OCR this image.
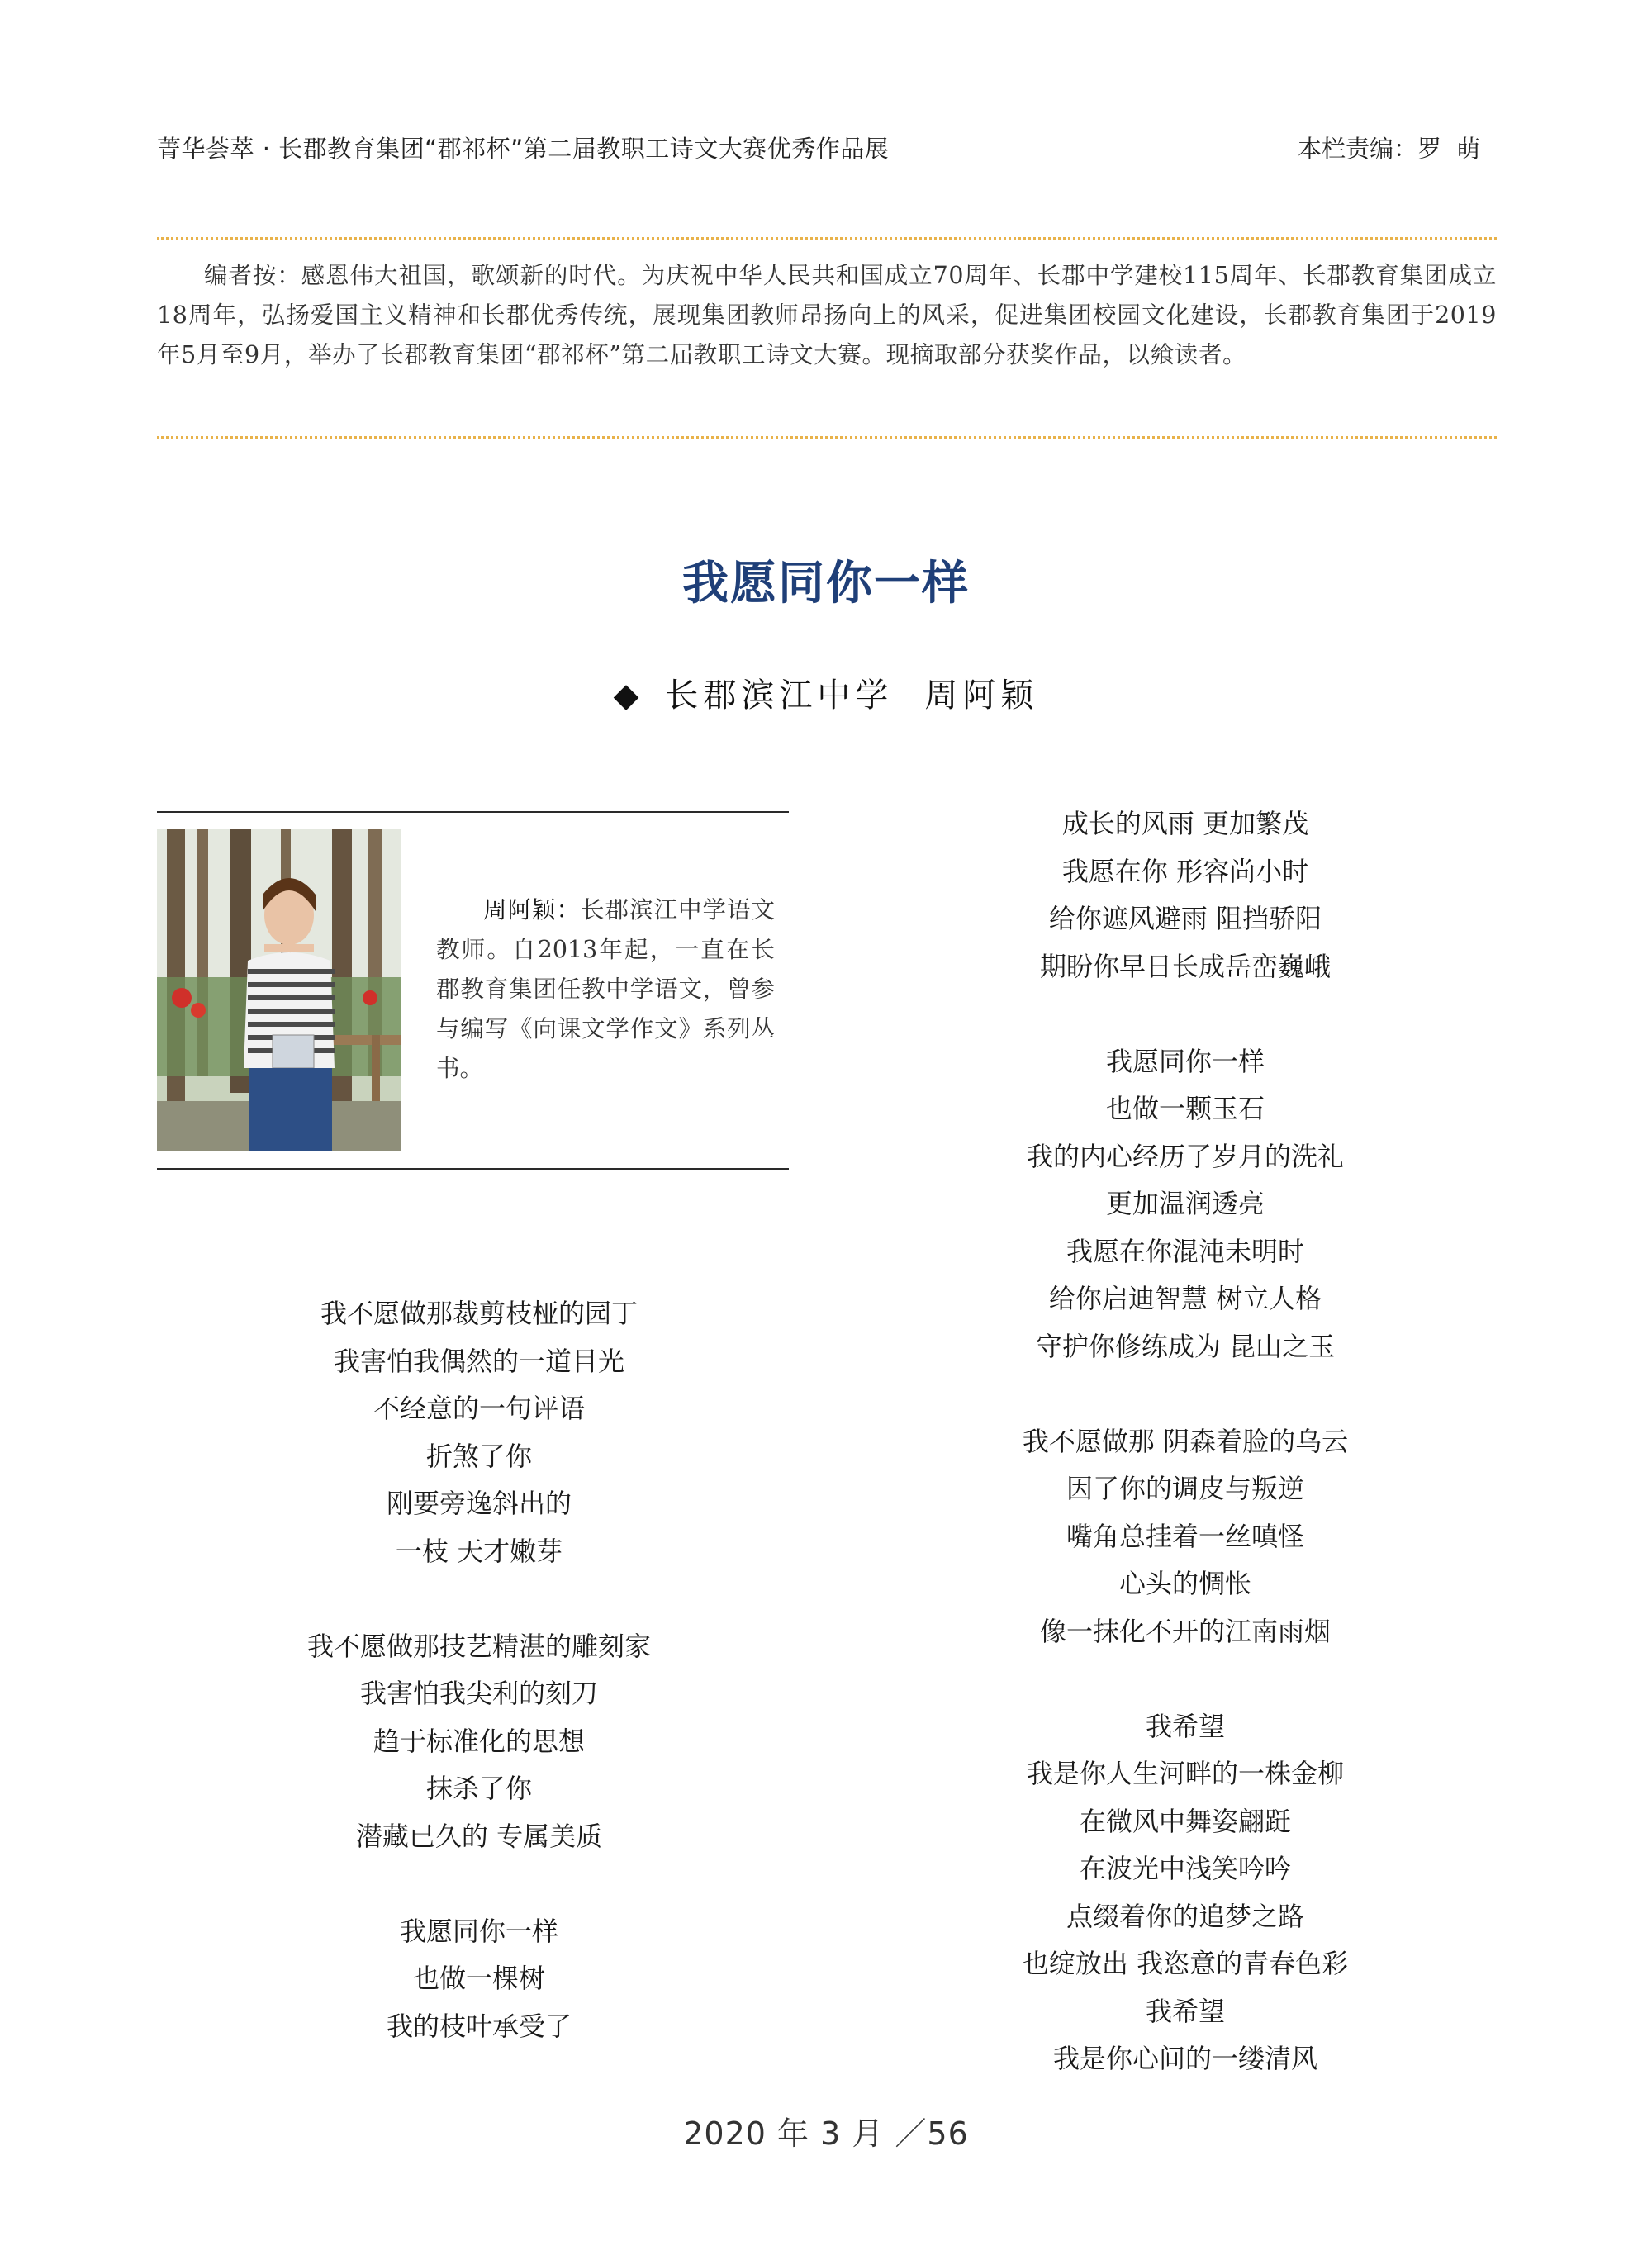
菁华荟萃 · 长郡教育集团“郡祁杯”第二届教职工诗文大赛优秀作品展	本栏责编：罗萌
编者按：感恩伟大祖国，歌颂新的时代。为庆祝中华人民共和国成立70周年、长郡中学建校115周年、长郡教育集团成立18周年，弘扬爱国主义精神和长郡优秀传统，展现集团教师昂扬向上的风采，促进集团校园文化建设，长郡教育集团于2019年5月至9月，举办了长郡教育集团“郡祁杯”第二届教职工诗文大赛。现摘取部分获奖作品，以飨读者。
我愿同你一样
◆ 长郡滨江中学 周阿颖
周阿颖：长郡滨江中学语文教师。自2013年起，一直在长郡教育集团任教中学语文，曾参与编写《向课文学作文》系列丛书。
我不愿做那裁剪枝桠的园丁
我害怕我偶然的一道目光
不经意的一句评语
折煞了你
刚要旁逸斜出的
一枝 天才嫩芽
我不愿做那技艺精湛的雕刻家
我害怕我尖利的刻刀
趋于标准化的思想
抹杀了你
潜藏已久的 专属美质
我愿同你一样
也做一棵树
我的枝叶承受了
成长的风雨 更加繁茂
我愿在你 形容尚小时
给你遮风避雨 阻挡骄阳
期盼你早日长成岳峦巍峨
我愿同你一样
也做一颗玉石
我的内心经历了岁月的洗礼
更加温润透亮
我愿在你混沌未明时
给你启迪智慧 树立人格
守护你修练成为 昆山之玉
我不愿做那 阴森着脸的乌云
因了你的调皮与叛逆
嘴角总挂着一丝嗔怪
心头的惆怅
像一抹化不开的江南雨烟
我希望
我是你人生河畔的一株金柳
在微风中舞姿翩跹
在波光中浅笑吟吟
点缀着你的追梦之路
也绽放出 我恣意的青春色彩
我希望
我是你心间的一缕清风
2020 年 3 月 ／56
